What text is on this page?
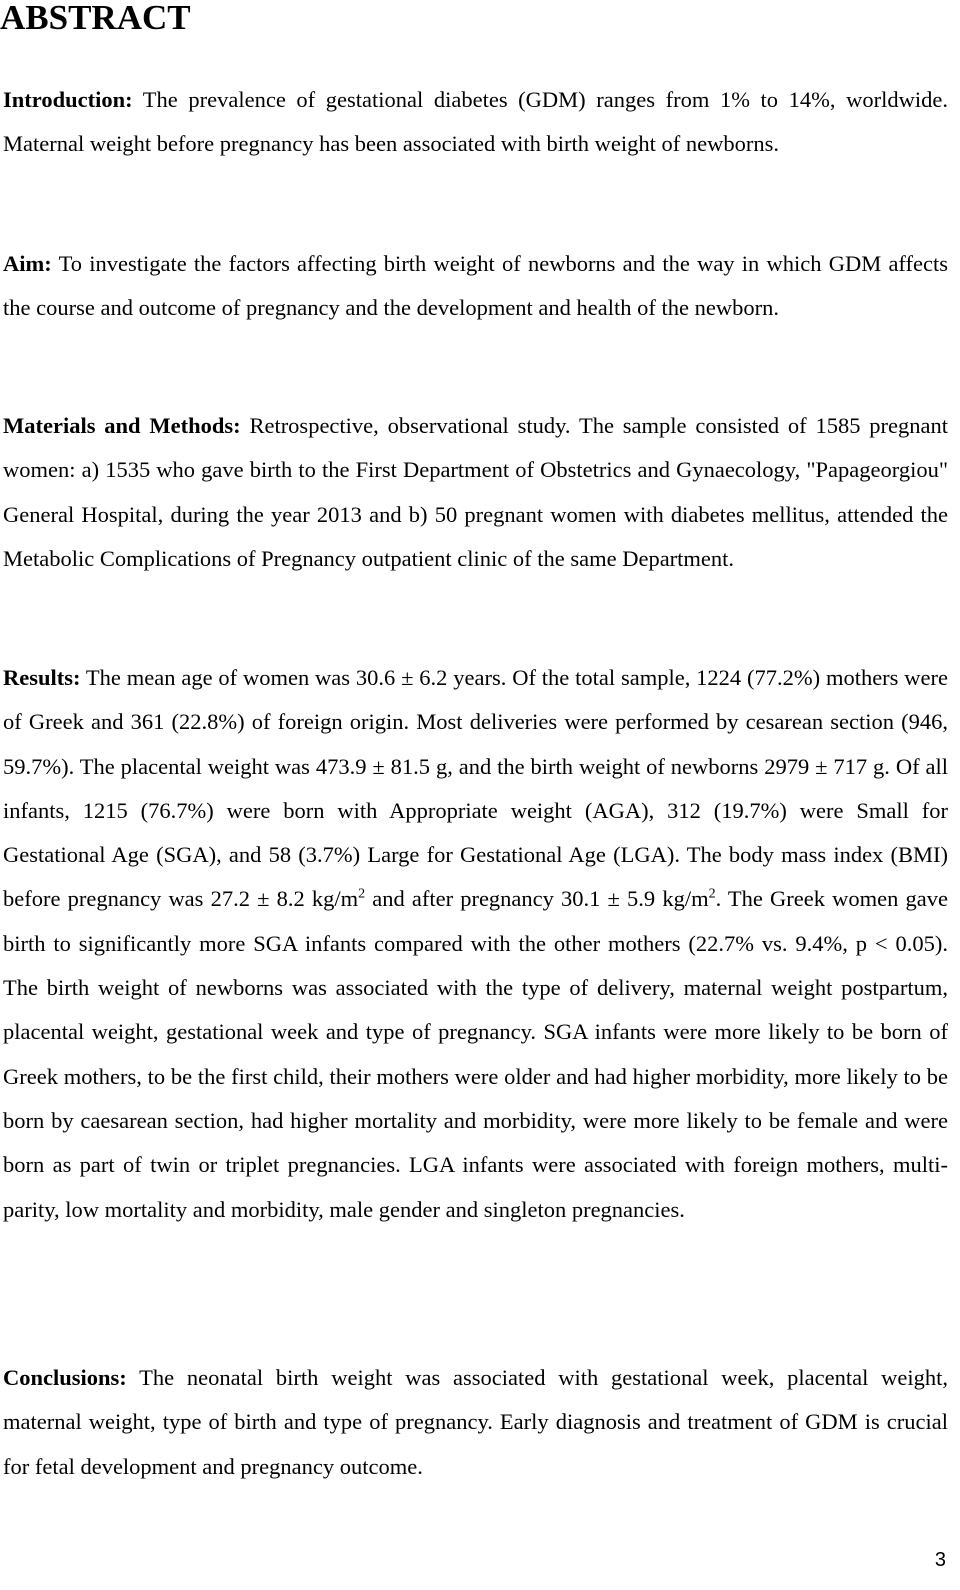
ABSTRACT

Introduction: The prevalence of gestational diabetes (GDM) ranges from 1% to 14%, worldwide. Maternal weight before pregnancy has been associated with birth weight of newborns.

Aim: To investigate the factors affecting birth weight of newborns and the way in which GDM affects the course and outcome of pregnancy and the development and health of the newborn.

Materials and Methods: Retrospective, observational study. The sample consisted of 1585 pregnant women: a) 1535 who gave birth to the First Department of Obstetrics and Gynaecology, "Papageorgiou" General Hospital, during the year 2013 and b) 50 pregnant women with diabetes mellitus, attended the Metabolic Complications of Pregnancy outpatient clinic of the same Department.

Results: The mean age of women was 30.6 ± 6.2 years. Of the total sample, 1224 (77.2%) mothers were of Greek and 361 (22.8%) of foreign origin. Most deliveries were performed by cesarean section (946, 59.7%). The placental weight was 473.9 ± 81.5 g, and the birth weight of newborns 2979 ± 717 g. Of all infants, 1215 (76.7%) were born with Appropriate weight (AGA), 312 (19.7%) were Small for Gestational Age (SGA), and 58 (3.7%) Large for Gestational Age (LGA). The body mass index (BMI) before pregnancy was 27.2 ± 8.2 $kg/m^2$ and after pregnancy 30.1 ± 5.9 $kg/m^2$. The Greek women gave birth to significantly more SGA infants compared with the other mothers (22.7% vs. 9.4%, p < 0.05). The birth weight of newborns was associated with the type of delivery, maternal weight postpartum, placental weight, gestational week and type of pregnancy. SGA infants were more likely to be born of Greek mothers, to be the first child, their mothers were older and had higher morbidity, more likely to be born by caesarean section, had higher mortality and morbidity, were more likely to be female and were born as part of twin or triplet pregnancies. LGA infants were associated with foreign mothers, multi-parity, low mortality and morbidity, male gender and singleton pregnancies.

Conclusions: The neonatal birth weight was associated with gestational week, placental weight, maternal weight, type of birth and type of pregnancy. Early diagnosis and treatment of GDM is crucial for fetal development and pregnancy outcome.

3
